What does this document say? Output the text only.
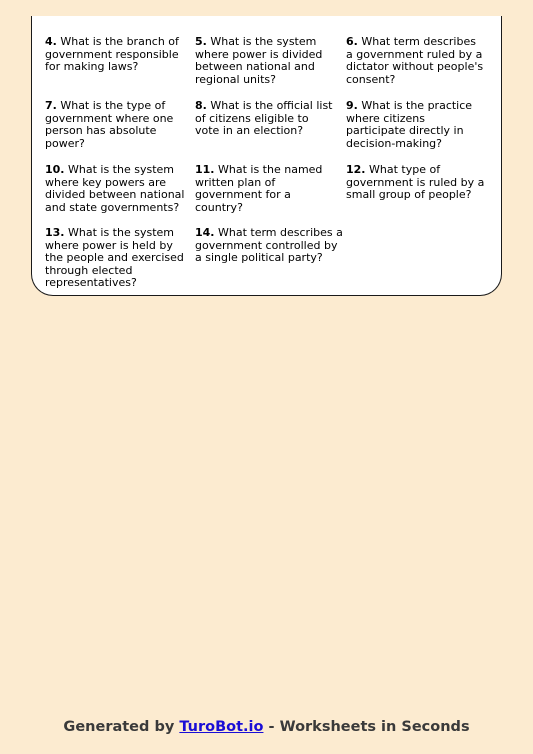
4. What is the branch of government responsible for making laws?

5. What is the system where power is divided between national and regional units?

6. What term describes a government ruled by a dictator without people's consent?

7. What is the type of government where one person has absolute power?

8. What is the official list of citizens eligible to vote in an election?

9. What is the practice where citizens participate directly in decision-making?

10. What is the system where key powers are divided between national and state governments?

11. What is the named written plan of government for a country?

12. What type of government is ruled by a small group of people?

13. What is the system where power is held by the people and exercised through elected representatives?

14. What term describes a government controlled by a single political party?

Generated by TuroBot.io - Worksheets in Seconds
